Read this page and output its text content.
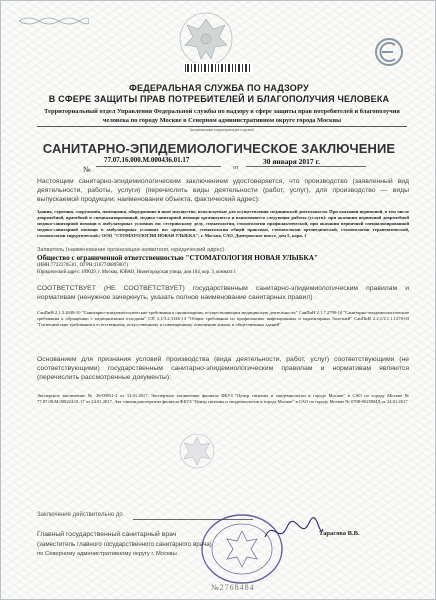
ФЕДЕРАЛЬНАЯ СЛУЖБА ПО НАДЗОРУ
В СФЕРЕ ЗАЩИТЫ ПРАВ ПОТРЕБИТЕЛЕЙ И БЛАГОПОЛУЧИЯ ЧЕЛОВЕКА
Территориальный отдел Управления Федеральной службы по надзору в сфере защиты прав потребителей и благополучия человека по городу Москве в Северном административном округе города Москвы
(наименование территориального органа)
САНИТАРНО-ЭПИДЕМИОЛОГИЧЕСКОЕ ЗАКЛЮЧЕНИЕ
77.07.16.000.М.000436.01.17
№	от
30 января 2017 г.
Настоящим санитарно-эпидемиологическим заключением удостоверяется, что производство (заявленный вид деятельности, работы, услуги) (перечислить виды деятельности (работ, услуг), для производство — виды выпускаемой продукции; наименование объекта, фактический адрес):
Здания, строения, сооружения, помещения, оборудование и иное имущество, используемые для осуществления медицинской деятельности. При оказании первичной, в том числе доврачебной, врачебной и специализированной, медико-санитарной помощи организуются и выполняются следующие работы (услуги): при оказании первичной доврачебной медико-санитарной помощи в амбулаторных условиях по: сестринскому делу, стоматологии, стоматологии профилактической, при оказании первичной специализированной медико-санитарной помощи в амбулаторных условиях по: ортодонтии, стоматологии общей практики, стоматологии ортопедической, стоматологии терапевтической, стоматологии хирургической.; ООО "СТОМАТОЛОГИЯ НОВАЯ УЛЫБКА"; г. Москва, САО, Дмитровское шоссе, дом 5, корп. 1
Заявитель (наименование организации-заявителя, юридический адрес)
Общество с ограниченной ответственностью "СТОМАТОЛОГИЯ НОВАЯ УЛЫБКА"
(ИНН:7722376510 , ОГРН:1167746895007)
Юридический адрес: 109029, г. Москва, ЮВАО, Нижегородская улица, дом 104, кор. 3, комната 1
СООТВЕТСТВУЕТ (НЕ СООТВЕТСТВУЕТ) государственным санитарно-эпидемиологическим правилам и нормативам (ненужное зачеркнуть, указать полное наименование санитарных правил)
СанПиН 2.1.3.2630-10 "Санитарно-эпидемиологические требования к организациям, осуществляющим медицинскую деятельность" СанПиН 2.1.7.2790-10 "Санитарно-эпидемиологические требования к обращению с медицинскими отходами" СП 3.1/3.2.3146-13 "Общие требования по профилактике инфекционных и паразитарных болезней" СанПиН 2.2.1/2.1.1.1278-03 "Гигиенические требования к естественному, искусственному и совмещенному освещению жилых и общественных зданий"
Основанием для признания условий производства (вида деятельности, работ, услуг) соответствующими (не соответствующими) государственным санитарно-эпидемиологическим правилам и нормативам являются (перечислить рассмотренные документы):
Экспертное заключение № 26-00051-2 от 12.01.2017, Экспертное заключение филиала ФБУЗ "Центр гигиены и эпидемиологии в городе Москве" в САО по городу Москве № 77.07.08.М.000224.01.17 от 24.01.2017, Акт санэпидэкспертизы филиала ФБУЗ "Центр гигиены и эпидемиологии в городе Москве" в САО по городу Москве № 0708-00259МД от 24.01.2017
Заключение действительно до
Главный государственный санитарный врач
(заместитель главного государственного санитарного врача)
по Северному административному округу г. Москвы
Тарасова В.В.
№2768484
